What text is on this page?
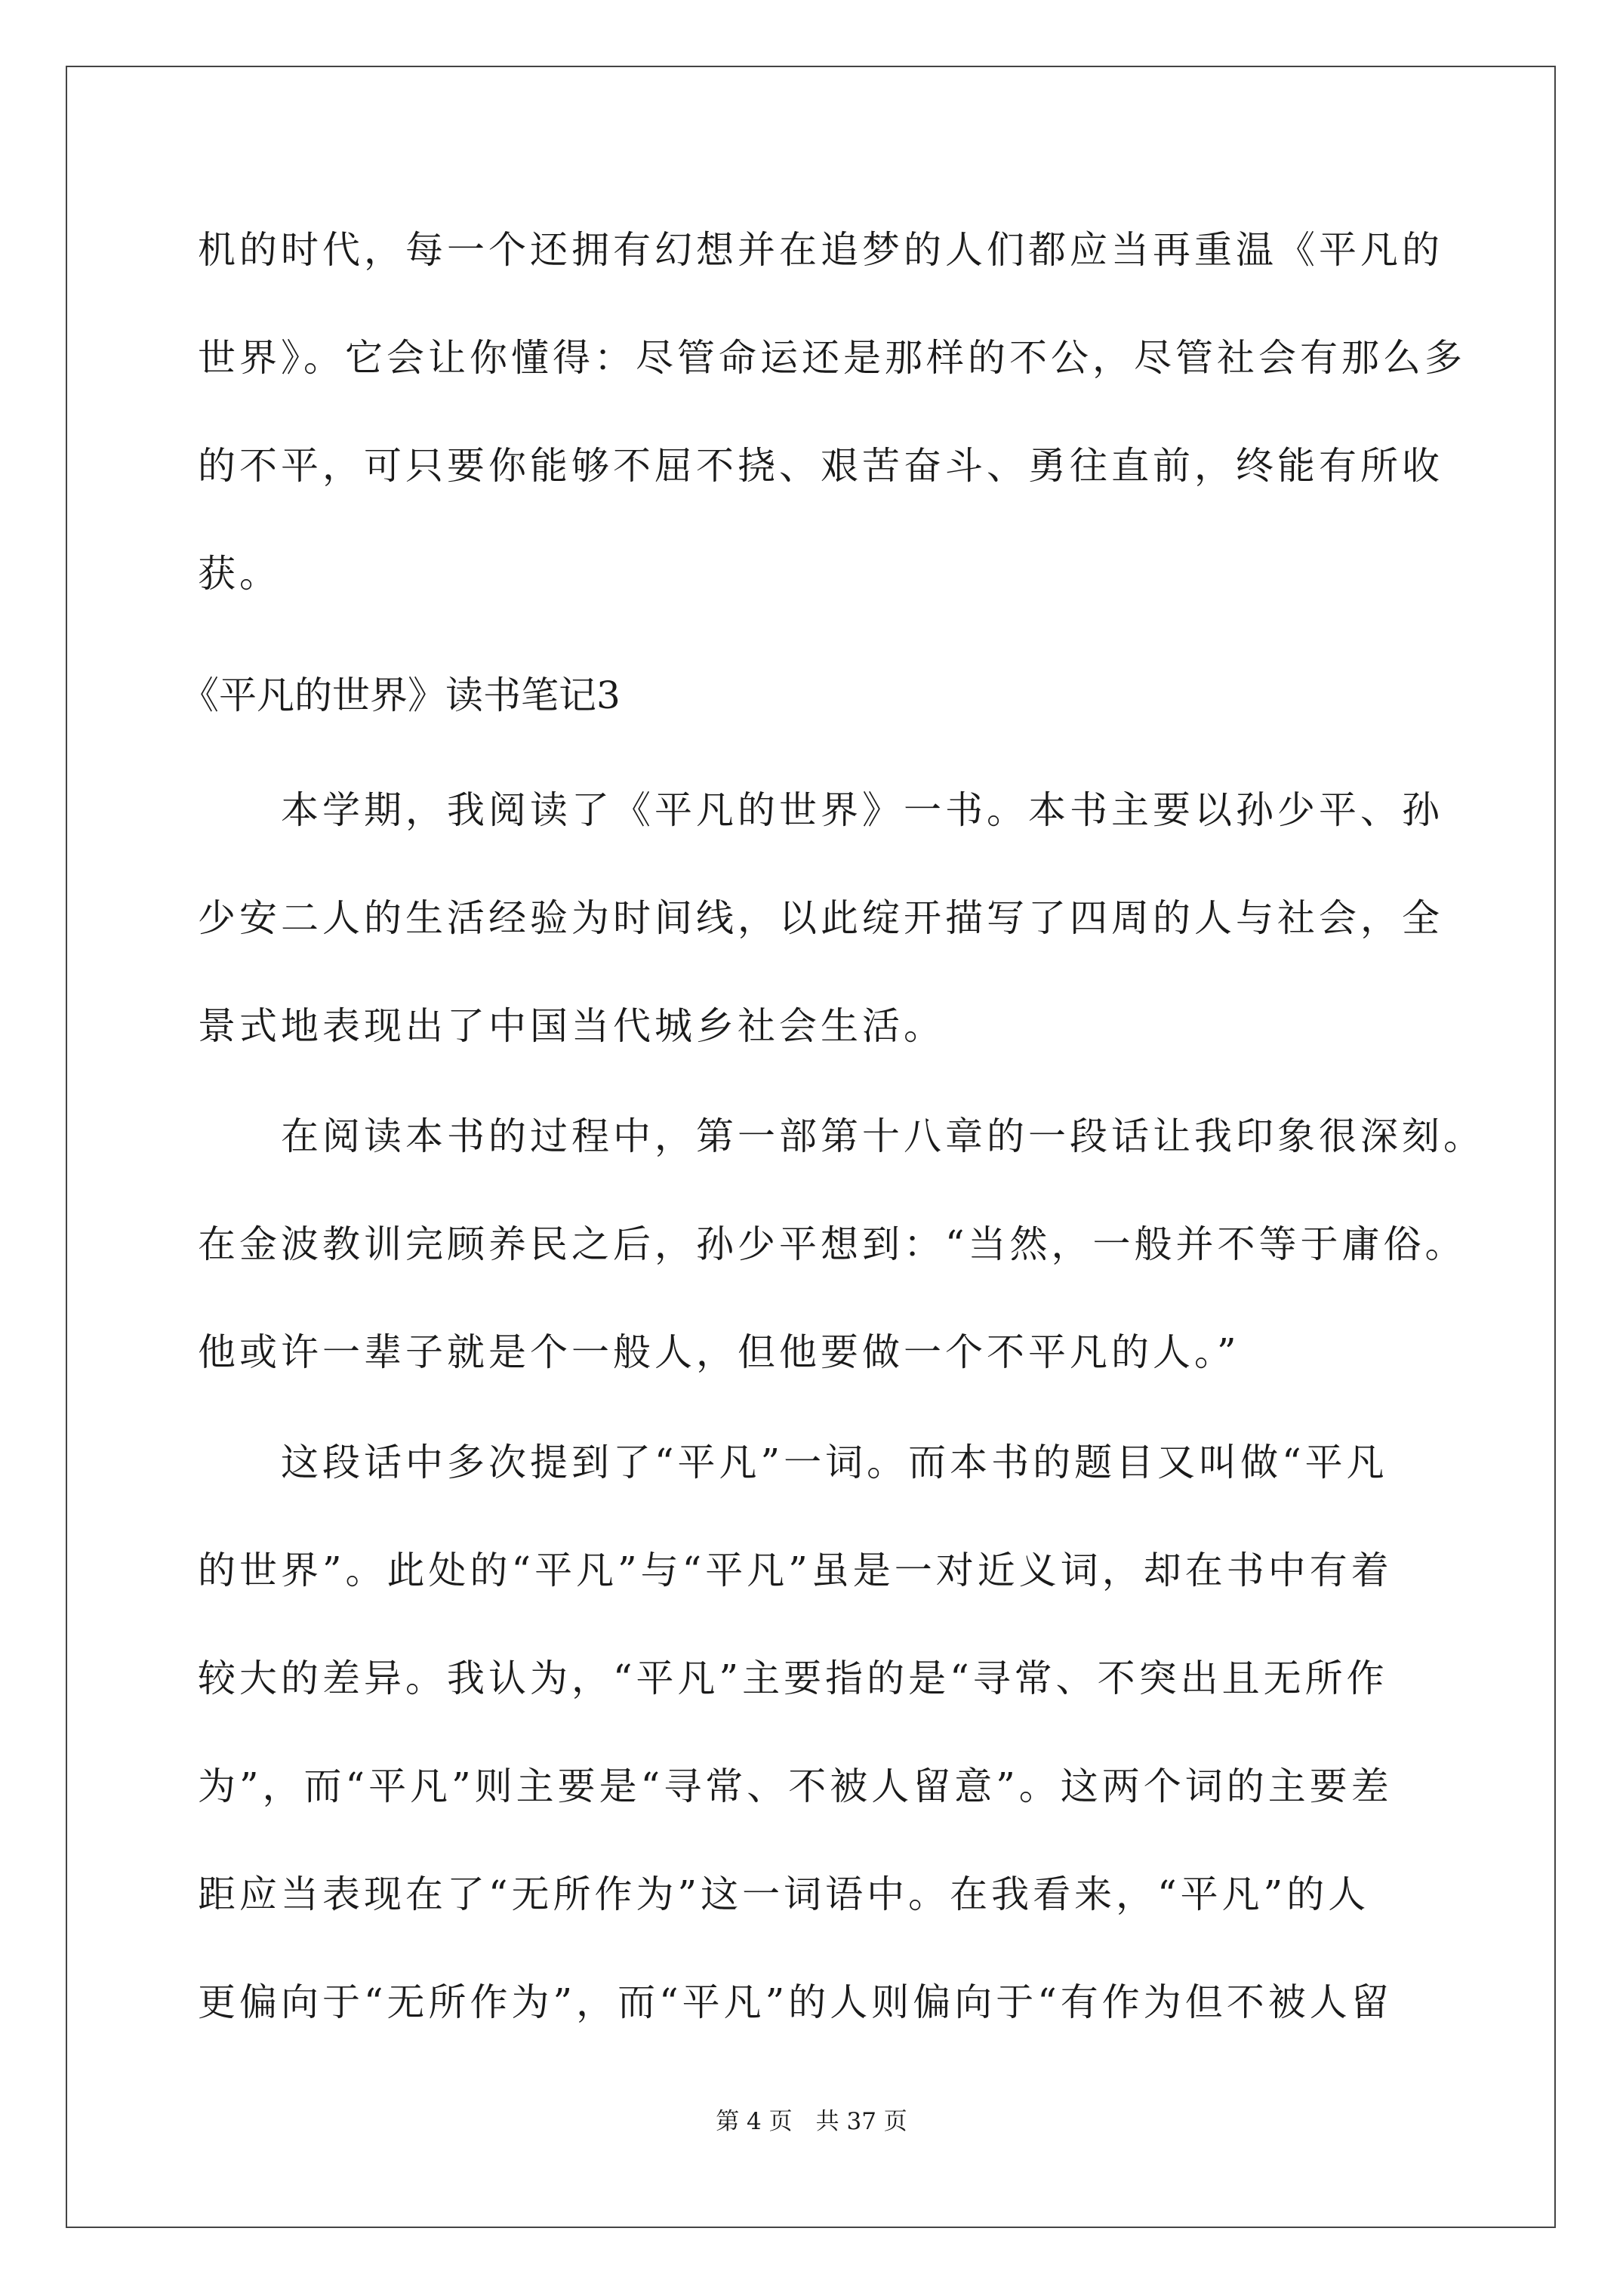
机的时代，每一个还拥有幻想并在追梦的人们都应当再重温《平凡的
世界》。它会让你懂得：尽管命运还是那样的不公，尽管社会有那么多
的不平，可只要你能够不屈不挠、艰苦奋斗、勇往直前，终能有所收
获。
《平凡的世界》读书笔记3
本学期，我阅读了《平凡的世界》一书。本书主要以孙少平、孙
少安二人的生活经验为时间线，以此绽开描写了四周的人与社会，全
景式地表现出了中国当代城乡社会生活。
在阅读本书的过程中，第一部第十八章的一段话让我印象很深刻。
在金波教训完顾养民之后，孙少平想到：“当然，一般并不等于庸俗。
他或许一辈子就是个一般人，但他要做一个不平凡的人。”
这段话中多次提到了“平凡”一词。而本书的题目又叫做“平凡
的世界”。此处的“平凡”与“平凡”虽是一对近义词，却在书中有着
较大的差异。我认为，“平凡”主要指的是“寻常、不突出且无所作
为”，而“平凡”则主要是“寻常、不被人留意”。这两个词的主要差
距应当表现在了“无所作为”这一词语中。在我看来，“平凡”的人
更偏向于“无所作为”，而“平凡”的人则偏向于“有作为但不被人留
第 4 页　共 37 页
